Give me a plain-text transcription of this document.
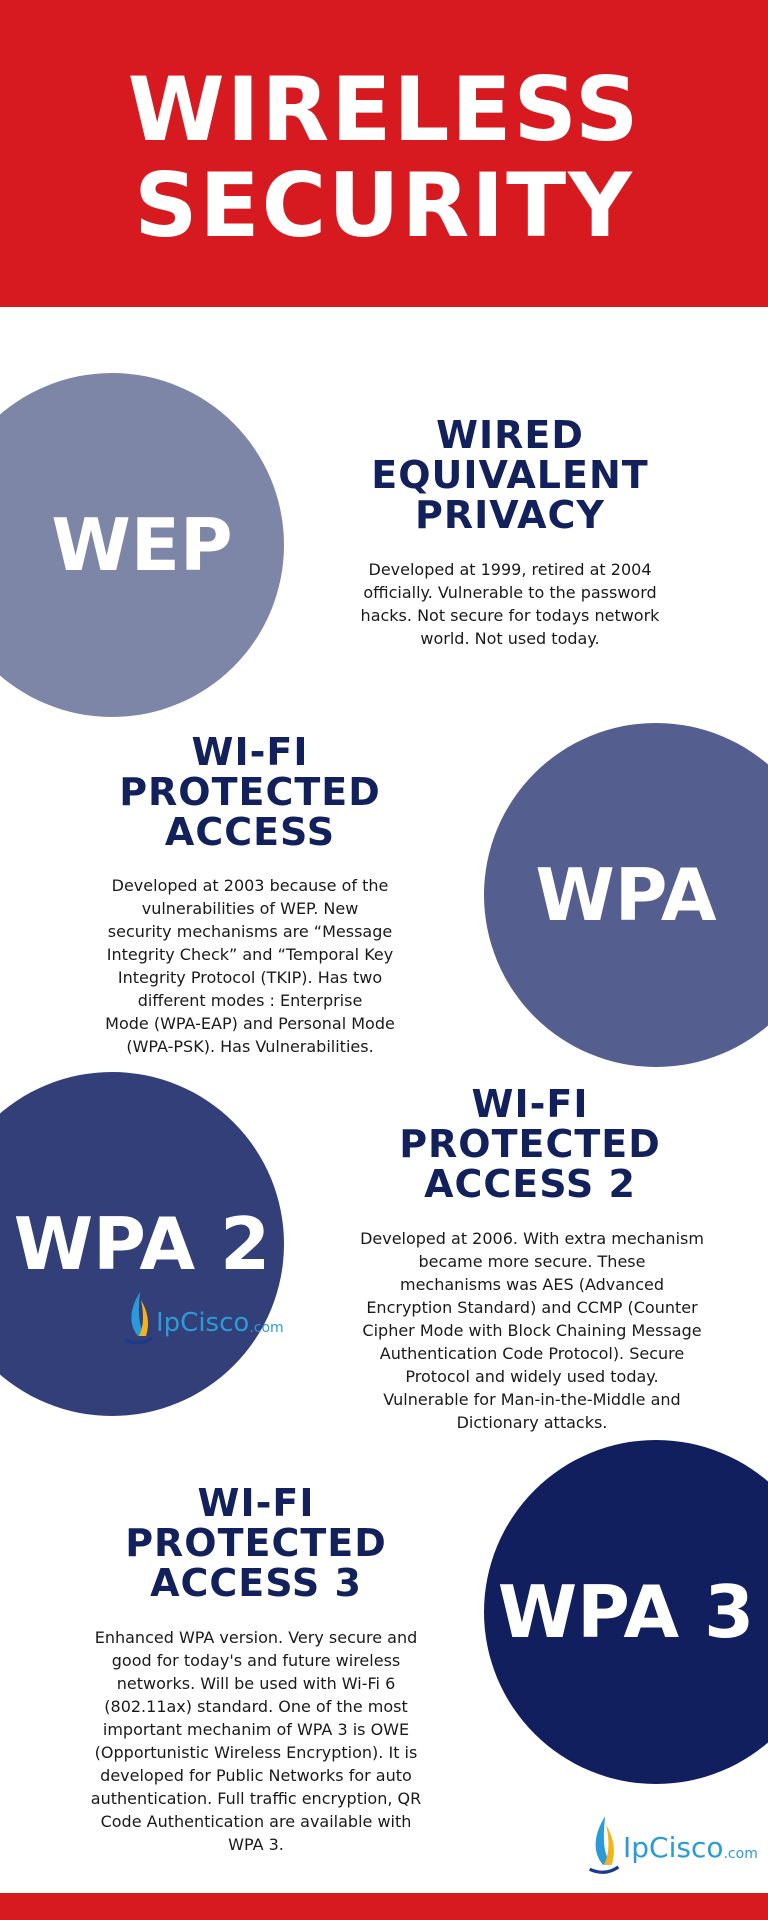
WIRELESS
SECURITY
WEP
WIRED
EQUIVALENT
PRIVACY
Developed at 1999, retired at 2004
officially. Vulnerable to the password
hacks. Not secure for todays network
world. Not used today.
WI-FI
PROTECTED
ACCESS
Developed at 2003 because of the
vulnerabilities of WEP. New
security mechanisms are “Message
Integrity Check” and “Temporal Key
Integrity Protocol (TKIP). Has two
different modes : Enterprise
Mode (WPA-EAP) and Personal Mode
(WPA-PSK). Has Vulnerabilities.
WPA
WPA 2
IpCisco .com
WI-FI
PROTECTED
ACCESS 2
Developed at 2006. With extra mechanism
became more secure. These
mechanisms was AES (Advanced
Encryption Standard) and CCMP (Counter
Cipher Mode with Block Chaining Message
Authentication Code Protocol). Secure
Protocol and widely used today.
Vulnerable for Man-in-the-Middle and
Dictionary attacks.
WI-FI
PROTECTED
ACCESS 3
Enhanced WPA version. Very secure and
good for today's and future wireless
networks. Will be used with Wi-Fi 6
(802.11ax) standard. One of the most
important mechanim of WPA 3 is OWE
(Opportunistic Wireless Encryption). It is
developed for Public Networks for auto
authentication. Full traffic encryption, QR
Code Authentication are available with
WPA 3.
WPA 3
IpCisco .com
